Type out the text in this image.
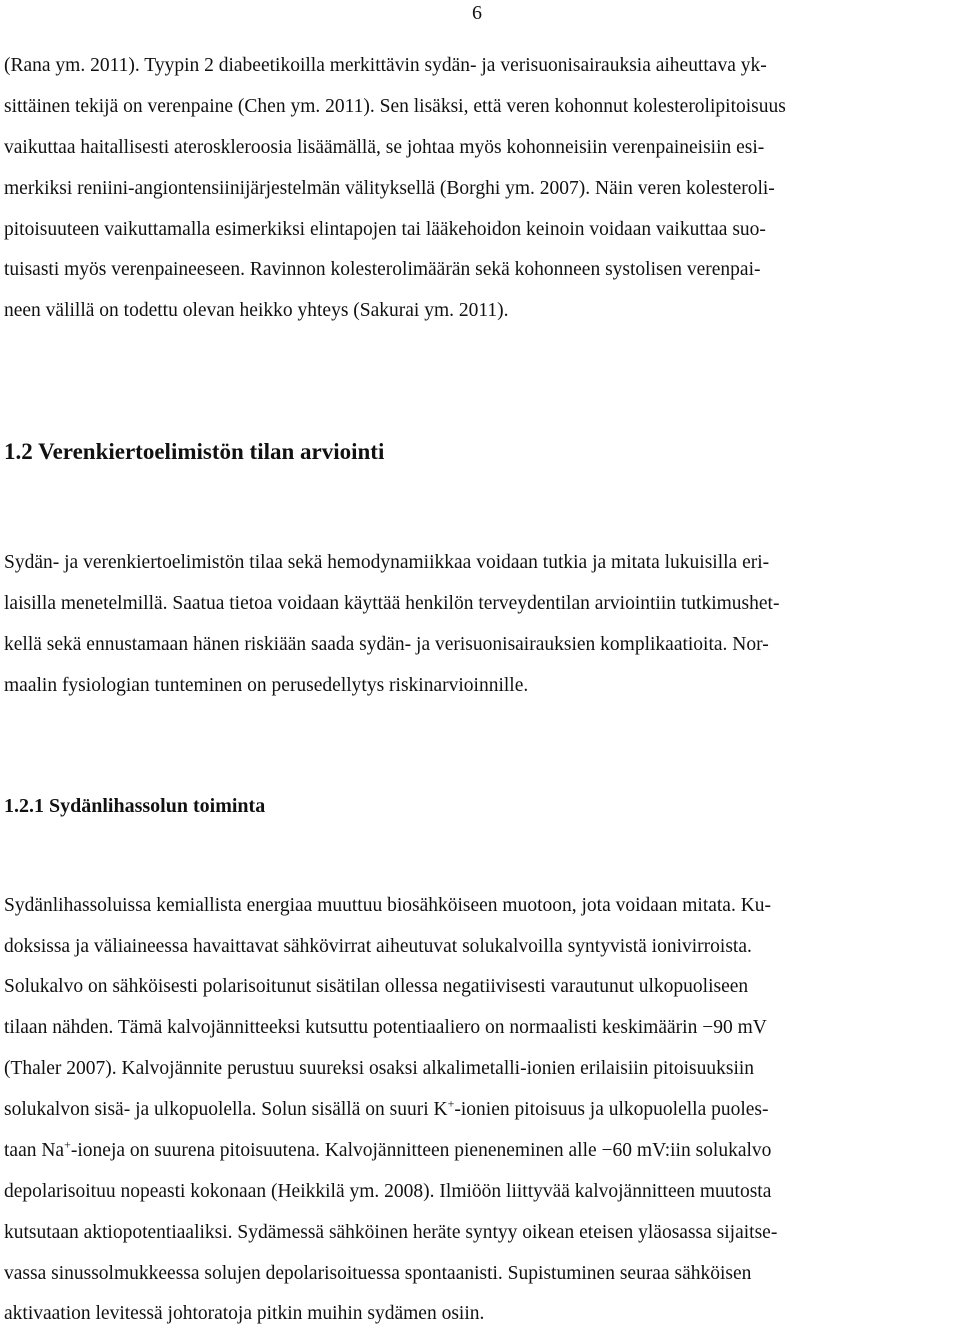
6
(Rana ym. 2011). Tyypin 2 diabeetikoilla merkittävin sydän- ja verisuonisairauksia aiheuttava yk-
sittäinen tekijä on verenpaine (Chen ym. 2011). Sen lisäksi, että veren kohonnut kolesterolipitoisuus
vaikuttaa haitallisesti ateroskleroosia lisäämällä, se johtaa myös kohonneisiin verenpaineisiin esi-
merkiksi reniini-angiontensiinijärjestelmän välityksellä (Borghi ym. 2007). Näin veren kolesteroli-
pitoisuuteen vaikuttamalla esimerkiksi elintapojen tai lääkehoidon keinoin voidaan vaikuttaa suo-
tuisasti myös verenpaineeseen. Ravinnon kolesterolimäärän sekä kohonneen systolisen verenpai-
neen välillä on todettu olevan heikko yhteys (Sakurai ym. 2011).
1.2 Verenkiertoelimistön tilan arviointi
Sydän- ja verenkiertoelimistön tilaa sekä hemodynamiikkaa voidaan tutkia ja mitata lukuisilla eri-
laisilla menetelmillä. Saatua tietoa voidaan käyttää henkilön terveydentilan arviointiin tutkimushet-
kellä sekä ennustamaan hänen riskiään saada sydän- ja verisuonisairauksien komplikaatioita. Nor-
maalin fysiologian tunteminen on perusedellytys riskinarvioinnille.
1.2.1 Sydänlihassolun toiminta
Sydänlihassoluissa kemiallista energiaa muuttuu biosähköiseen muotoon, jota voidaan mitata. Ku-
doksissa ja väliaineessa havaittavat sähkövirrat aiheutuvat solukalvoilla syntyvistä ionivirroista.
Solukalvo on sähköisesti polarisoitunut sisätilan ollessa negatiivisesti varautunut ulkopuoliseen
tilaan nähden. Tämä kalvojännitteeksi kutsuttu potentiaaliero on normaalisti keskimäärin −90 mV
(Thaler 2007). Kalvojännite perustuu suureksi osaksi alkalimetalli-ionien erilaisiin pitoisuuksiin
solukalvon sisä- ja ulkopuolella. Solun sisällä on suuri K+-ionien pitoisuus ja ulkopuolella puoles-
taan Na+-ioneja on suurena pitoisuutena. Kalvojännitteen pieneneminen alle −60 mV:iin solukalvo
depolarisoituu nopeasti kokonaan (Heikkilä ym. 2008). Ilmiöön liittyvää kalvojännitteen muutosta
kutsutaan aktiopotentiaaliksi. Sydämessä sähköinen heräte syntyy oikean eteisen yläosassa sijaitse-
vassa sinussolmukkeessa solujen depolarisoituessa spontaanisti. Supistuminen seuraa sähköisen
aktivaation levitessä johtoratoja pitkin muihin sydämen osiin.
